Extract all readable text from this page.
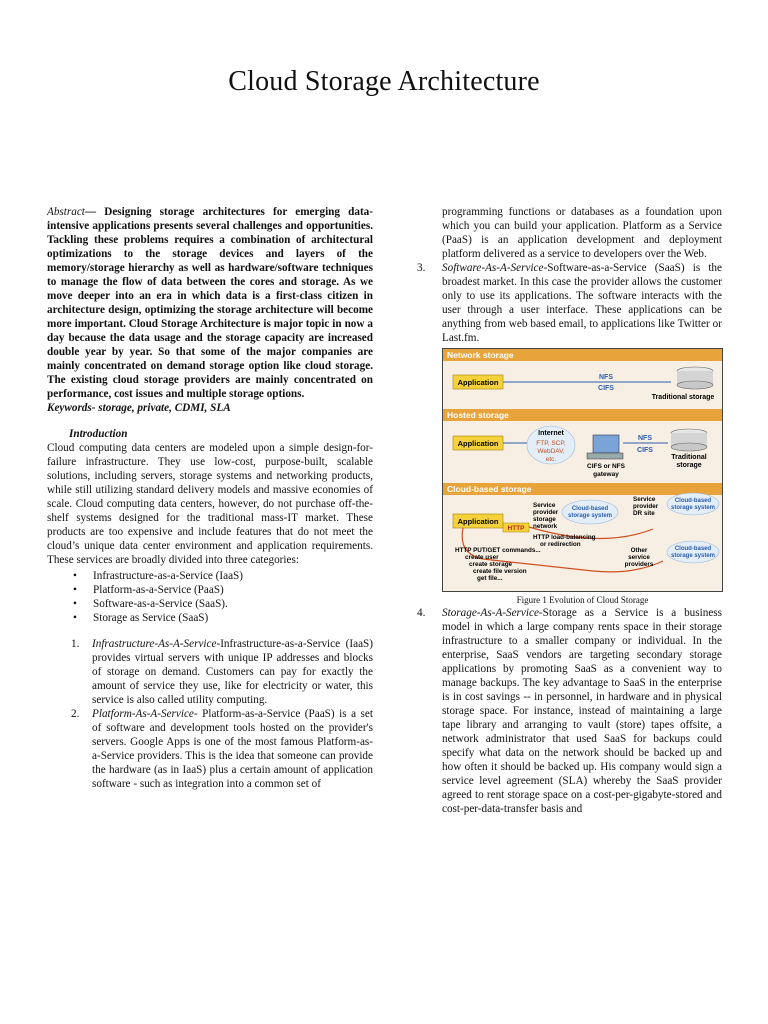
Cloud Storage Architecture

Abstract— Designing storage architectures for emerging data-intensive applications presents several challenges and opportunities. Tackling these problems requires a combination of architectural optimizations to the storage devices and layers of the memory/storage hierarchy as well as hardware/software techniques to manage the flow of data between the cores and storage. As we move deeper into an era in which data is a first-class citizen in architecture design, optimizing the storage architecture will become more important. Cloud Storage Architecture is major topic in now a day because the data usage and the storage capacity are increased double year by year. So that some of the major companies are mainly concentrated on demand storage option like cloud storage. The existing cloud storage providers are mainly concentrated on performance, cost issues and multiple storage options.

Keywords- storage, private, CDMI, SLA

Introduction

Cloud computing data centers are modeled upon a simple design-for-failure infrastructure. They use low-cost, purpose-built, scalable solutions, including servers, storage systems and networking products, while still utilizing standard delivery models and massive economies of scale. Cloud computing data centers, however, do not purchase off-the-shelf systems designed for the traditional mass-IT market. These products are too expensive and include features that do not meet the cloud’s unique data center environment and application requirements. These services are broadly divided into three categories:

• Infrastructure-as-a-Service (IaaS)
• Platform-as-a-Service (PaaS)
• Software-as-a-Service (SaaS).
• Storage as Service (SaaS)
1. Infrastructure-As-A-Service-Infrastructure-as-a-Service (IaaS) provides virtual servers with unique IP addresses and blocks of storage on demand. Customers can pay for exactly the amount of service they use, like for electricity or water, this service is also called utility computing.

2. Platform-As-A-Service- Platform-as-a-Service (PaaS) is a set of software and development tools hosted on the provider's servers. Google Apps is one of the most famous Platform-as-a-Service providers. This is the idea that someone can provide the hardware (as in IaaS) plus a certain amount of application software - such as integration into a common set of

programming functions or databases as a foundation upon which you can build your application. Platform as a Service (PaaS) is an application development and deployment platform delivered as a service to developers over the Web.

3. Software-As-A-Service-Software-as-a-Service (SaaS) is the broadest market. In this case the provider allows the customer only to use its applications. The software interacts with the user through a user interface. These applications can be anything from web based email, to applications like Twitter or Last.fm.

Network storage
Application
NFS
CIFS
Traditional storage
Hosted storage
Application
Internet
FTP, SCP,
WebDAV,
etc.
CIFS or NFS
gateway
NFS
CIFS
Traditional
storage
Cloud-based storage
Application
HTTP
Service
provider
storage
network
Cloud-based
storage system
HTTP load-balancing
or redirection
Service
provider
DR site
Cloud-based
storage system
HTTP PUT/GET commands...
create user
create storage
create file version
get file...
Other
service
providers
Cloud-based
storage system
Figure 1 Evolution of Cloud Storage
4. Storage-As-A-Service-Storage as a Service is a business model in which a large company rents space in their storage infrastructure to a smaller company or individual. In the enterprise, SaaS vendors are targeting secondary storage applications by promoting SaaS as a convenient way to manage backups. The key advantage to SaaS in the enterprise is in cost savings -- in personnel, in hardware and in physical storage space. For instance, instead of maintaining a large tape library and arranging to vault (store) tapes offsite, a network administrator that used SaaS for backups could specify what data on the network should be backed up and how often it should be backed up. His company would sign a service level agreement (SLA) whereby the SaaS provider agreed to rent storage space on a cost-per-gigabyte-stored and cost-per-data-transfer basis and
